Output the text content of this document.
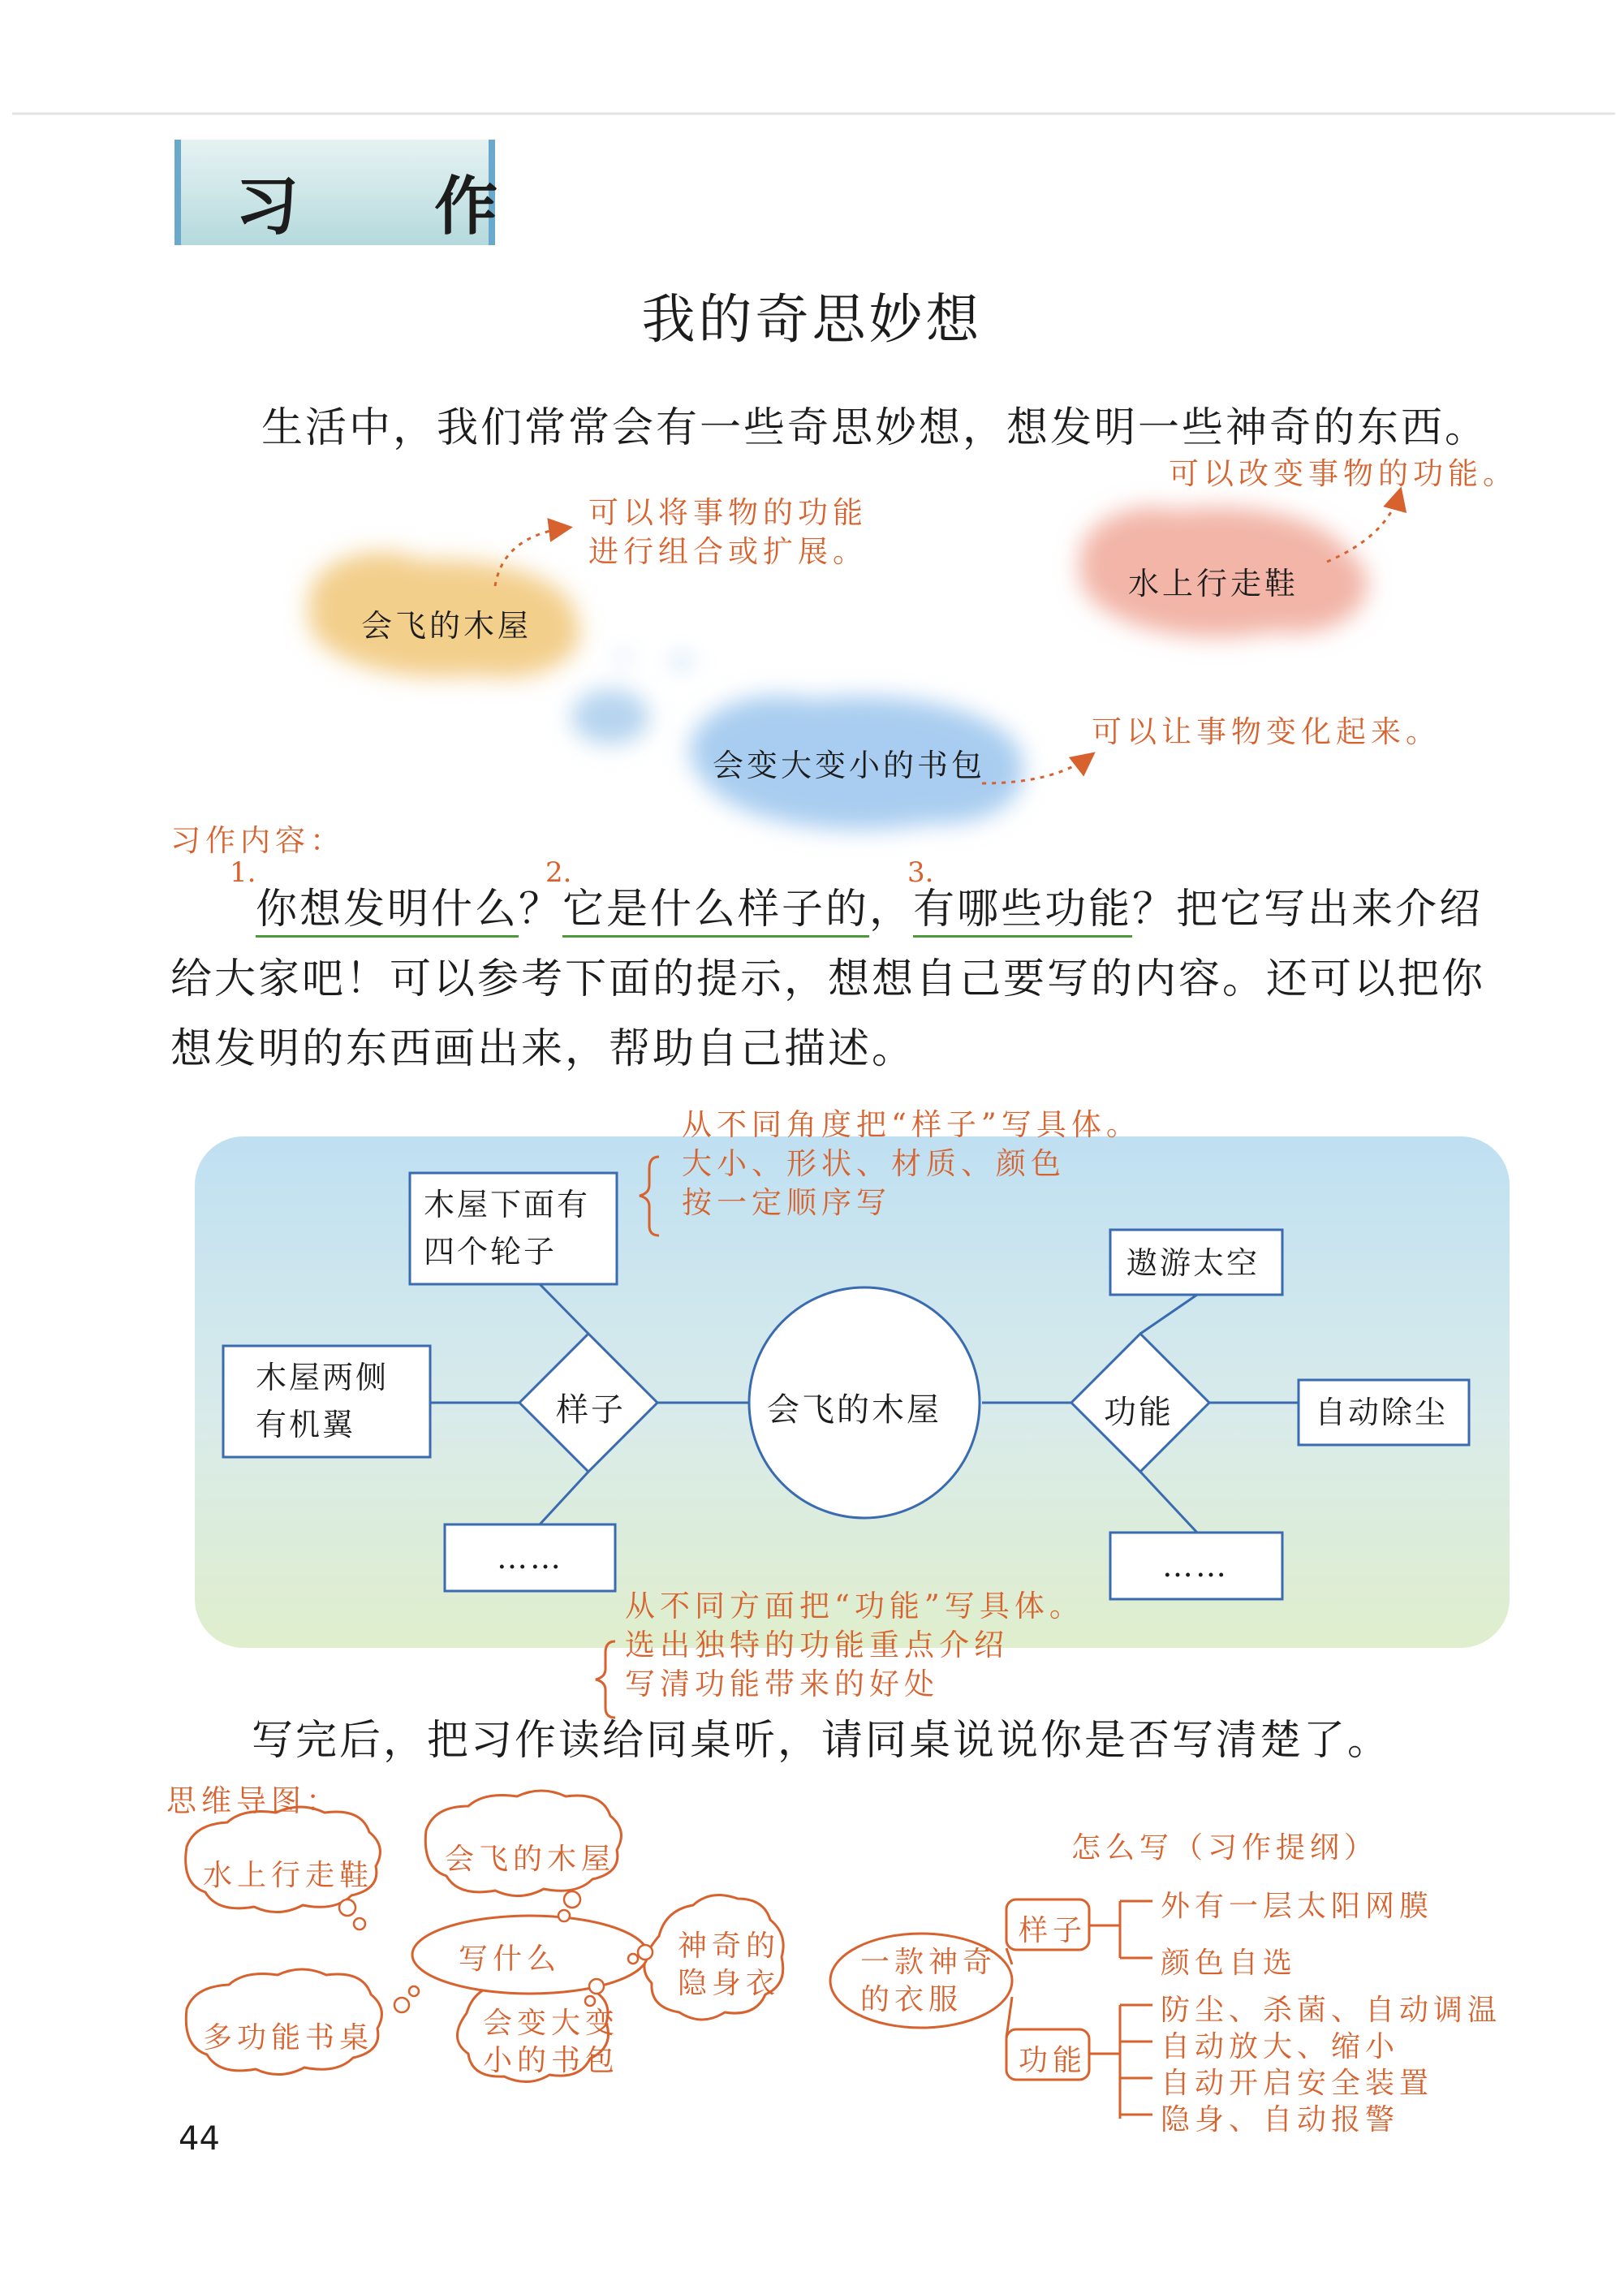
习 作
我的奇思妙想
生活中，我们常常会有一些奇思妙想，想发明一些神奇的东西。
会飞的木屋
水上行走鞋
会变大变小的书包
可以将事物的功能
进行组合或扩展。
可以改变事物的功能。
可以让事物变化起来。
习作内容：
1.	2.	3.
你想发明什么？它是什么样子的，有哪些功能？把它写出来介绍
给大家吧！可以参考下面的提示，想想自己要写的内容。还可以把你
想发明的东西画出来，帮助自己描述。
从不同角度把“样子”写具体。
大小、形状、材质、颜色
按一定顺序写
从不同方面把“功能”写具体。
选出独特的功能重点介绍
写清功能带来的好处
会飞的木屋
样子	功能
木屋下面有
四个轮子
木屋两侧
有机翼
……
遨游太空
自动除尘
……
写完后，把习作读给同桌听，请同桌说说你是否写清楚了。
思维导图：
写什么
水上行走鞋 会飞的木屋
神奇的
隐身衣
多功能书桌	会变大变
小的书包
怎么写（习作提纲）
一款神奇
的衣服
样子
功能
外有一层太阳网膜
颜色自选
防尘、杀菌、自动调温
自动放大、缩小
自动开启安全装置
隐身、自动报警
44
